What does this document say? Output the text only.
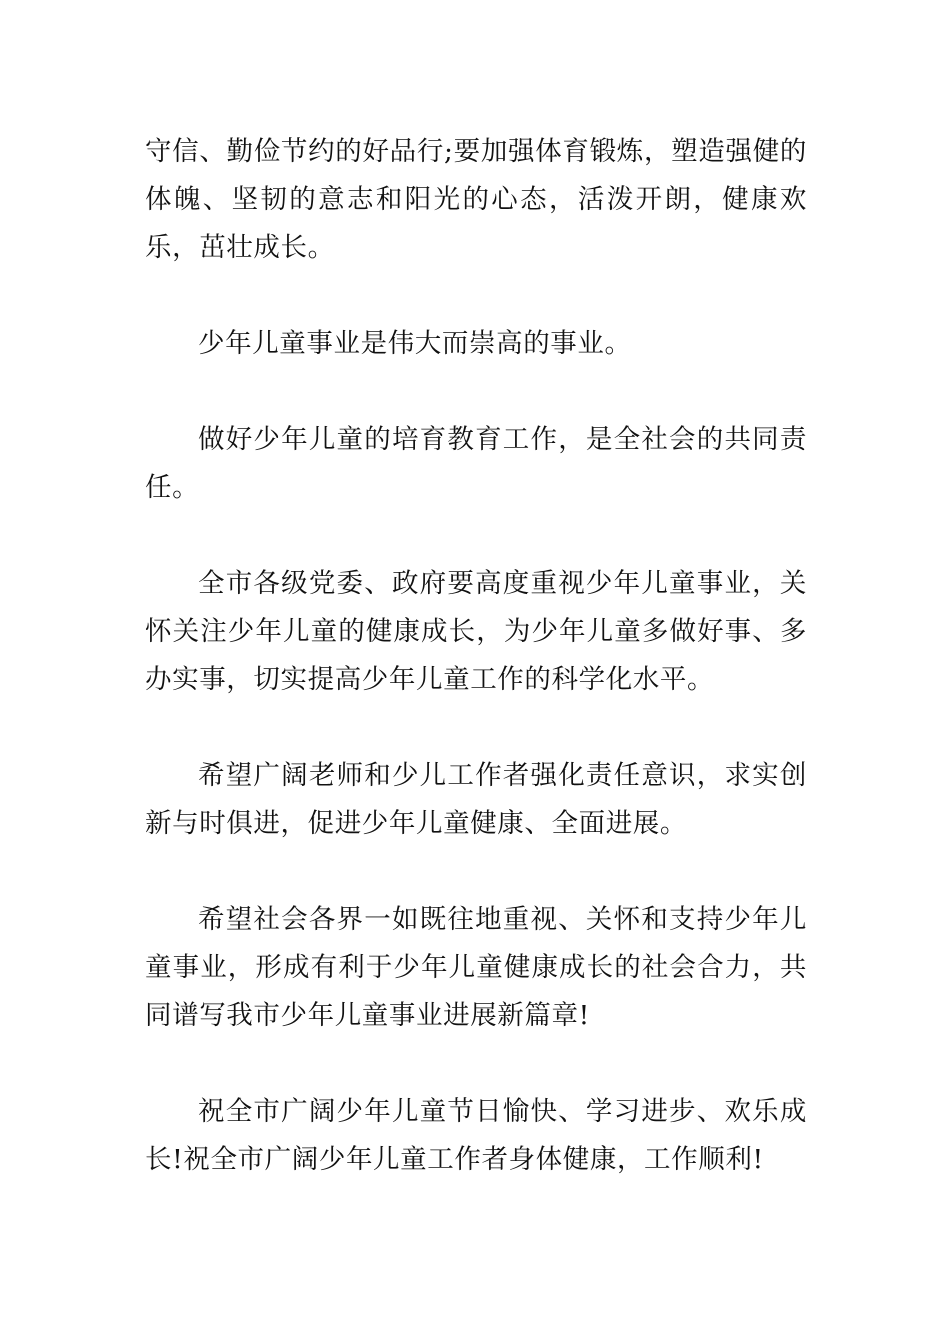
守信、勤俭节约的好品行;要加强体育锻炼，塑造强健的体魄、坚韧的意志和阳光的心态，活泼开朗，健康欢乐，茁壮成长。

少年儿童事业是伟大而崇高的事业。

做好少年儿童的培育教育工作，是全社会的共同责任。

全市各级党委、政府要高度重视少年儿童事业，关怀关注少年儿童的健康成长，为少年儿童多做好事、多办实事，切实提高少年儿童工作的科学化水平。

希望广阔老师和少儿工作者强化责任意识，求实创新与时俱进，促进少年儿童健康、全面进展。

希望社会各界一如既往地重视、关怀和支持少年儿童事业，形成有利于少年儿童健康成长的社会合力，共同谱写我市少年儿童事业进展新篇章!

祝全市广阔少年儿童节日愉快、学习进步、欢乐成长!祝全市广阔少年儿童工作者身体健康，工作顺利!
